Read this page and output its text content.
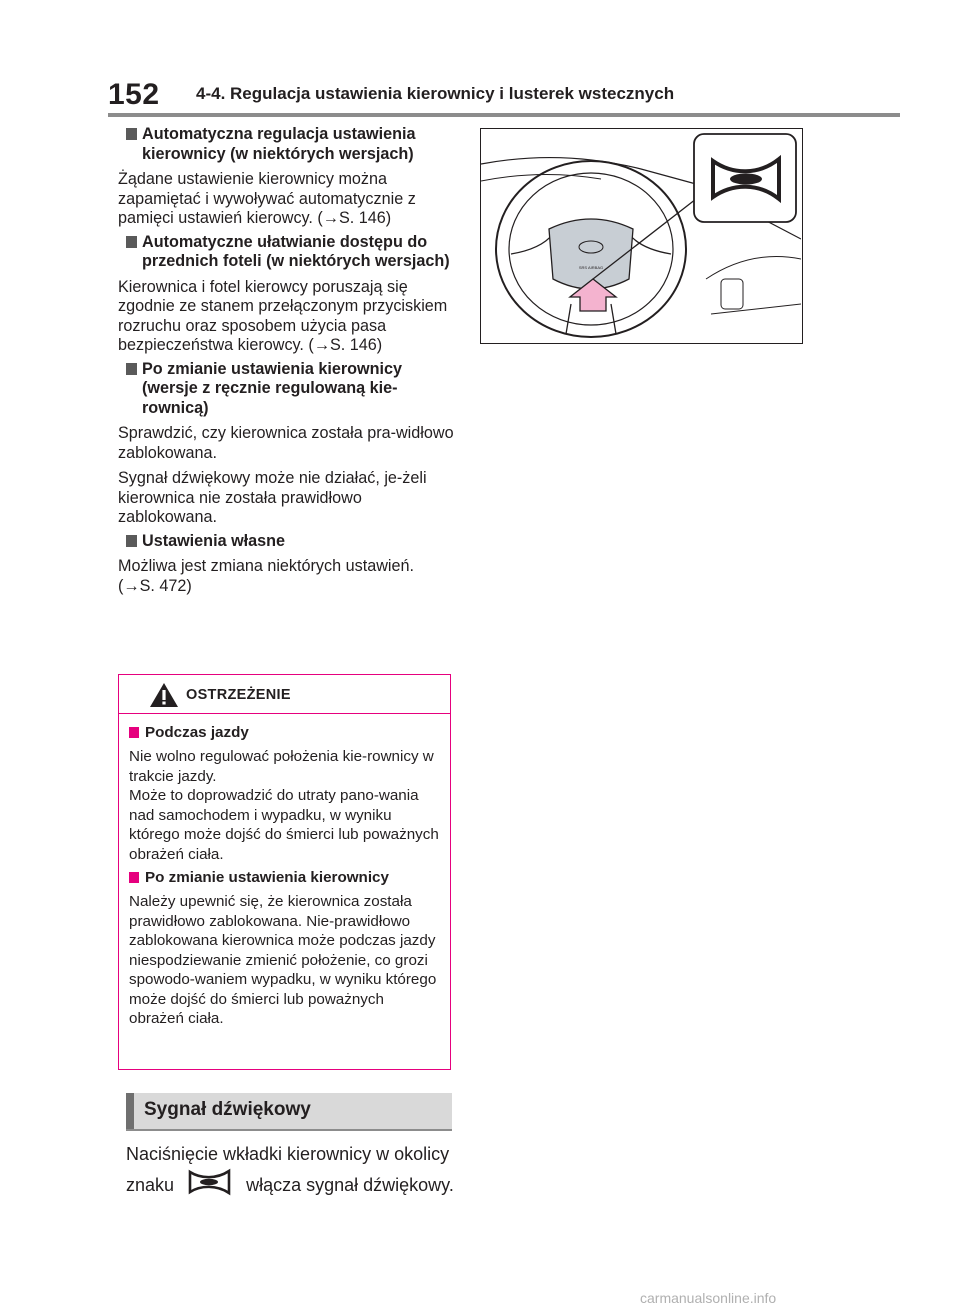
152 4-4. Regulacja ustawienia kierownicy i lusterek wstecznych
Automatyczna regulacja ustawienia kierownicy (w niektórych wersjach)
Żądane ustawienie kierownicy można zapamiętać i wywoływać automatycznie z pamięci ustawień kierowcy. (→S. 146)
Automatyczne ułatwianie dostępu do przednich foteli (w niektórych wersjach)
Kierownica i fotel kierowcy poruszają się zgodnie ze stanem przełączonym przyciskiem rozruchu oraz sposobem użycia pasa bezpieczeństwa kierowcy. (→S. 146)
Po zmianie ustawienia kierownicy (wersje z ręcznie regulowaną kie-rownicą)
Sprawdzić, czy kierownica została pra-widłowo zablokowana.
Sygnał dźwiękowy może nie działać, je-żeli kierownica nie została prawidłowo zablokowana.
Ustawienia własne
Możliwa jest zmiana niektórych ustawień. (→S. 472)
OSTRZEŻENIE
Podczas jazdy
Nie wolno regulować położenia kie-rownicy w trakcie jazdy.
Może to doprowadzić do utraty pano-wania nad samochodem i wypadku, w wyniku którego może dojść do śmierci lub poważnych obrażeń ciała.
Po zmianie ustawienia kierownicy
Należy upewnić się, że kierownica została prawidłowo zablokowana. Nie-prawidłowo zablokowana kierownica może podczas jazdy niespodziewanie zmienić położenie, co grozi spowodo-waniem wypadku, w wyniku którego może dojść do śmierci lub poważnych obrażeń ciała.
Sygnał dźwiękowy
Naciśnięcie wkładki kierownicy w okolicy znaku	włącza sygnał dźwiękowy.
SRS AIRBAG
carmanualsonline.info
